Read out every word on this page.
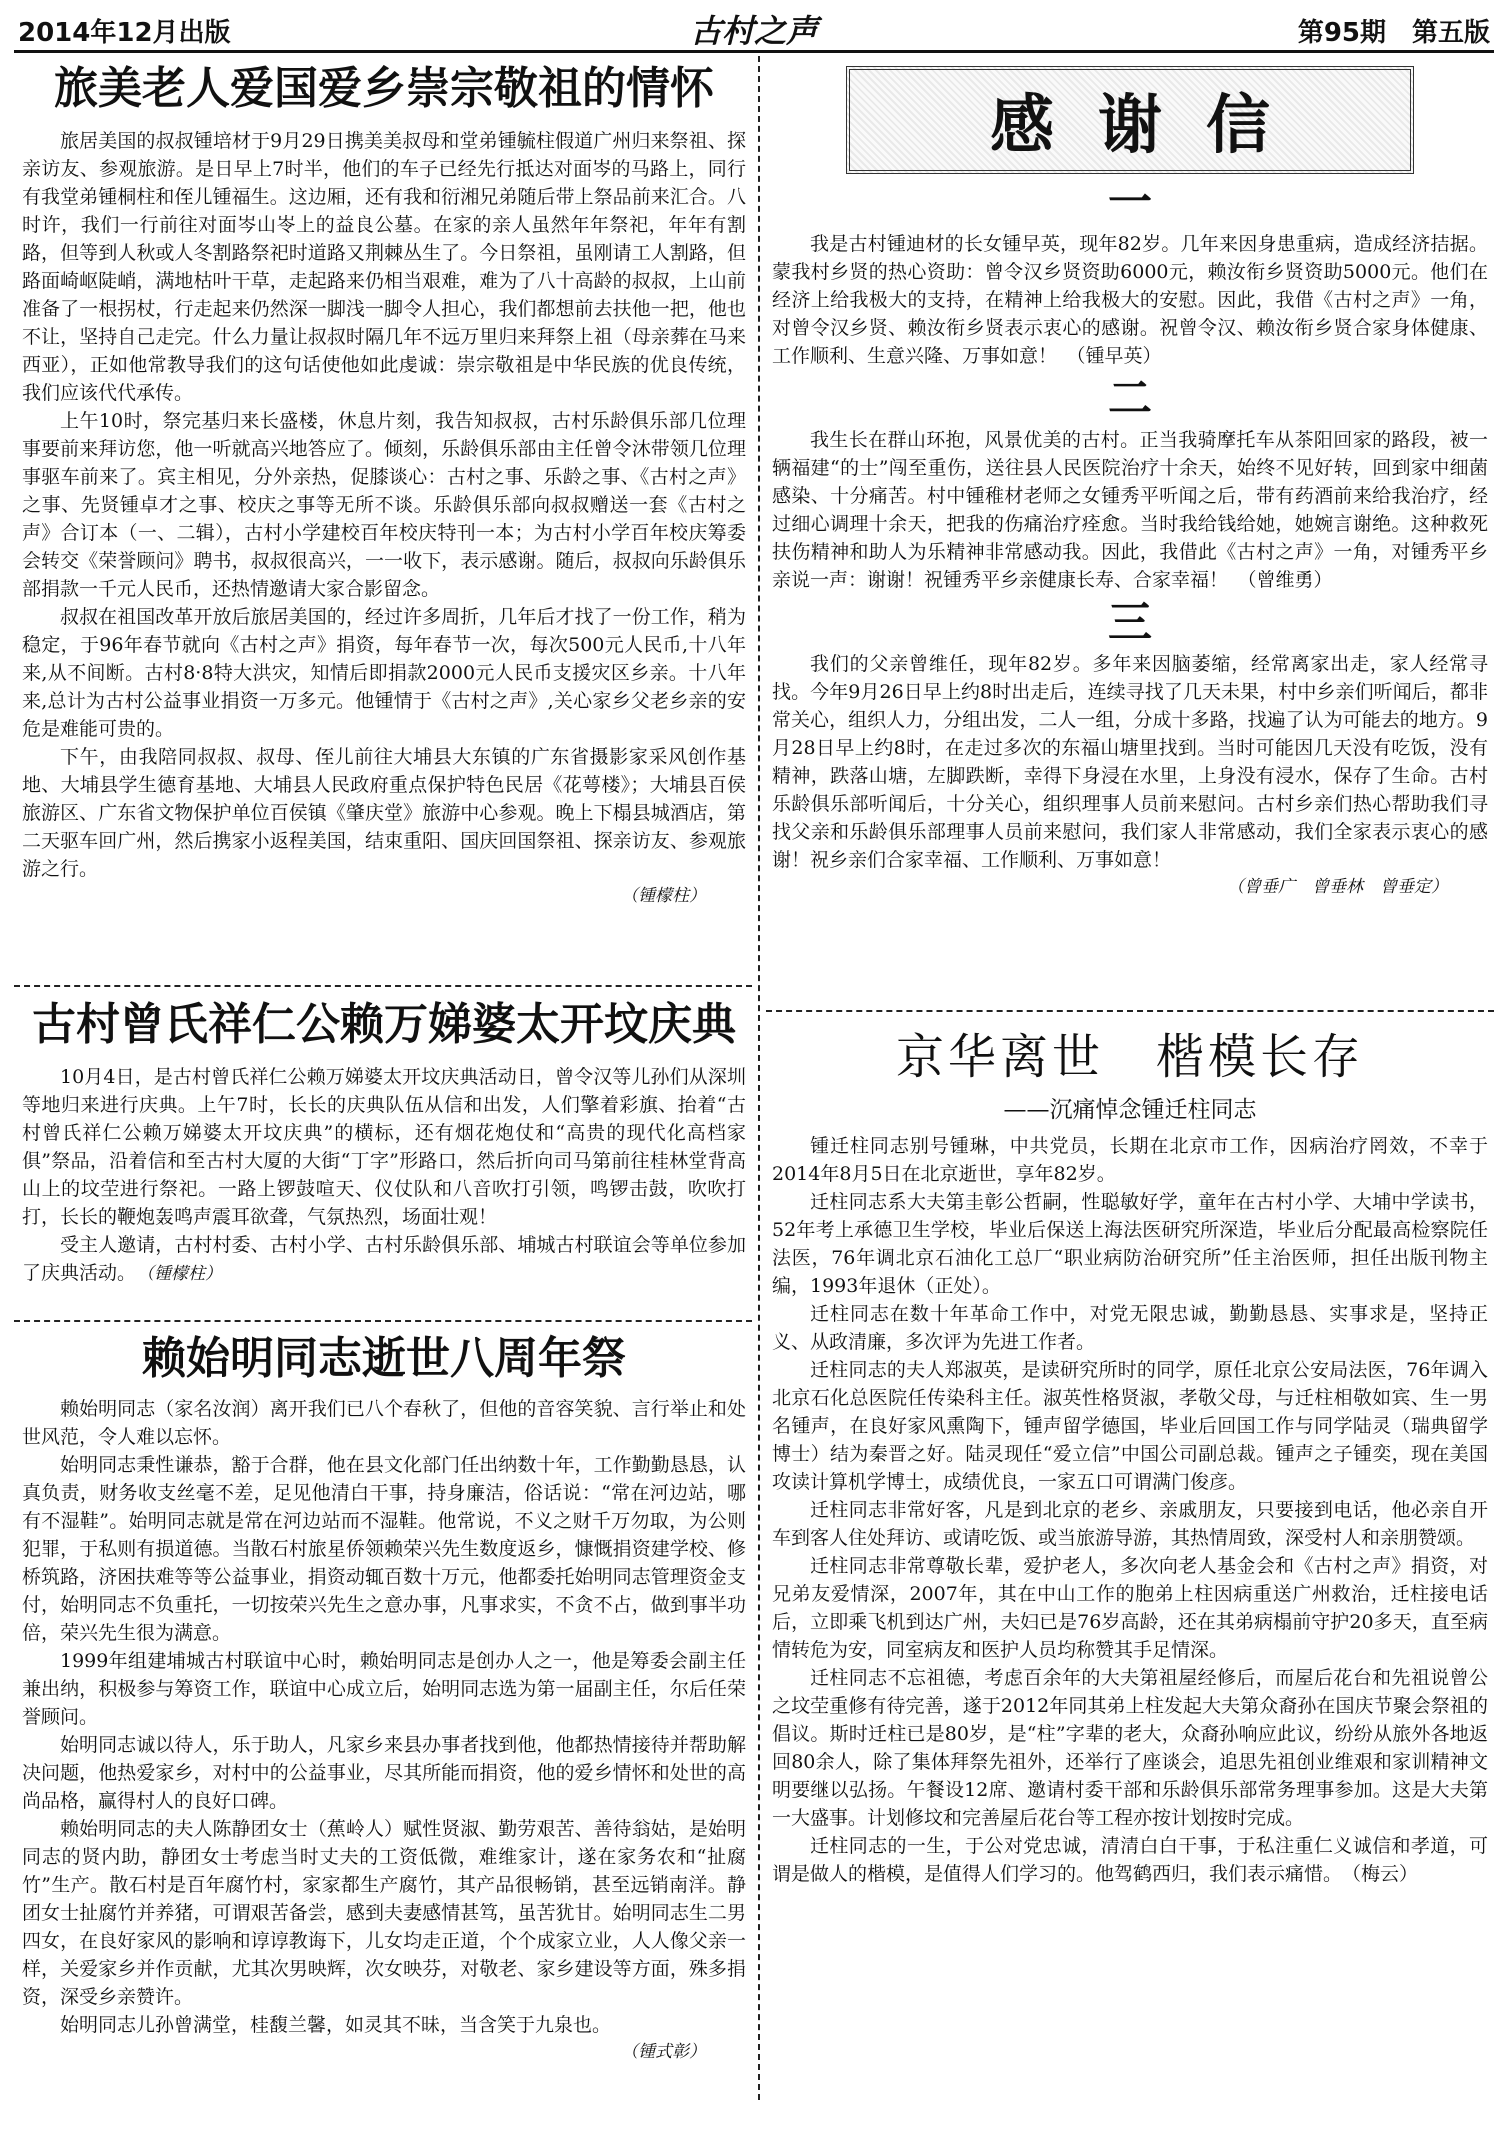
2014年12月出版	古村之声	第95期　第五版
旅美老人爱国爱乡崇宗敬祖的情怀

旅居美国的叔叔锺培材于9月29日携美美叔母和堂弟锺毓柱假道广州归来祭祖、探亲访友、参观旅游。是日早上7时半，他们的车子已经先行抵达对面岑的马路上，同行有我堂弟锺桐柱和侄儿锺福生。这边厢，还有我和衍湘兄弟随后带上祭品前来汇合。八时许，我们一行前往对面岑山岺上的益良公墓。在家的亲人虽然年年祭祀，年年有割路，但等到人秋或人冬割路祭祀时道路又荆棘丛生了。今日祭祖，虽刚请工人割路，但路面崎岖陡峭，满地枯叶干草，走起路来仍相当艰难，难为了八十高龄的叔叔，上山前准备了一根拐杖，行走起来仍然深一脚浅一脚令人担心，我们都想前去扶他一把，他也不让，坚持自己走完。什么力量让叔叔时隔几年不远万里归来拜祭上祖（母亲葬在马来西亚），正如他常教导我们的这句话使他如此虔诚：崇宗敬祖是中华民族的优良传统，我们应该代代承传。

上午10时，祭完基归来长盛楼，休息片刻，我告知叔叔，古村乐龄俱乐部几位理事要前来拜访您，他一听就高兴地答应了。倾刻，乐龄俱乐部由主任曾令沐带领几位理事驱车前来了。宾主相见，分外亲热，促膝谈心：古村之事、乐龄之事、《古村之声》之事、先贤锺卓才之事、校庆之事等无所不谈。乐龄俱乐部向叔叔赠送一套《古村之声》合订本（一、二辑），古村小学建校百年校庆特刊一本；为古村小学百年校庆筹委会转交《荣誉顾问》聘书，叔叔很高兴，一一收下，表示感谢。随后，叔叔向乐龄俱乐部捐款一千元人民币，还热情邀请大家合影留念。

叔叔在祖国改革开放后旅居美国的，经过许多周折，几年后才找了一份工作，稍为稳定，于96年春节就向《古村之声》捐资，每年春节一次，每次500元人民币,十八年来,从不间断。古村8·8特大洪灾，知情后即捐款2000元人民币支援灾区乡亲。十八年来,总计为古村公益事业捐资一万多元。他锺情于《古村之声》,关心家乡父老乡亲的安危是难能可贵的。

下午，由我陪同叔叔、叔母、侄儿前往大埔县大东镇的广东省摄影家采风创作基地、大埔县学生德育基地、大埔县人民政府重点保护特色民居《花萼楼》；大埔县百侯旅游区、广东省文物保护单位百侯镇《肇庆堂》旅游中心参观。晚上下榻县城酒店，第二天驱车回广州，然后携家小返程美国，结束重阳、国庆回国祭祖、探亲访友、参观旅游之行。

（锺檬柱）
古村曾氏祥仁公赖万娣婆太开坟庆典

10月4日，是古村曾氏祥仁公赖万娣婆太开坟庆典活动日，曾令汉等儿孙们从深圳等地归来进行庆典。上午7时，长长的庆典队伍从信和出发，人们擎着彩旗、抬着“古村曾氏祥仁公赖万娣婆太开坟庆典”的横标，还有烟花炮仗和“高贵的现代化高档家俱”祭品，沿着信和至古村大厦的大街“丁字”形路口，然后折向司马第前往桂林堂背高山上的坟茔进行祭祀。一路上锣鼓喧天、仪仗队和八音吹打引领，鸣锣击鼓，吹吹打打，长长的鞭炮轰鸣声震耳欲聋，气氛热烈，场面壮观！

受主人邀请，古村村委、古村小学、古村乐龄俱乐部、埔城古村联谊会等单位参加了庆典活动。　 （锺檬柱）

赖始明同志逝世八周年祭

赖始明同志（家名汝润）离开我们已八个春秋了，但他的音容笑貌、言行举止和处世风范，令人难以忘怀。

始明同志秉性谦恭，豁于合群，他在县文化部门任出纳数十年，工作勤勤恳恳，认真负责，财务收支丝毫不差，足见他清白干事，持身廉洁，俗话说：“常在河边站，哪有不湿鞋”。始明同志就是常在河边站而不湿鞋。他常说，不义之财千万勿取，为公则犯罪，于私则有损道德。当散石村旅星侨领赖荣兴先生数度返乡，慷慨捐资建学校、修桥筑路，济困扶难等等公益事业，捐资动辄百数十万元，他都委托始明同志管理资金支付，始明同志不负重托，一切按荣兴先生之意办事，凡事求实，不贪不占，做到事半功倍，荣兴先生很为满意。

1999年组建埔城古村联谊中心时，赖始明同志是创办人之一，他是筹委会副主任兼出纳，积极参与筹资工作，联谊中心成立后，始明同志选为第一届副主任，尔后任荣誉顾问。

始明同志诚以待人，乐于助人，凡家乡来县办事者找到他，他都热情接待并帮助解决问题，他热爱家乡，对村中的公益事业，尽其所能而捐资，他的爱乡情怀和处世的高尚品格，赢得村人的良好口碑。

赖始明同志的夫人陈静团女士（蕉岭人）赋性贤淑、勤劳艰苦、善待翁姑，是始明同志的贤内助，静团女士考虑当时丈夫的工资低微，难维家计，遂在家务农和“扯腐竹”生产。散石村是百年腐竹村，家家都生产腐竹，其产品很畅销，甚至远销南洋。静团女士扯腐竹并养猪，可谓艰苦备尝，感到夫妻感情甚笃，虽苦犹甘。始明同志生二男四女，在良好家风的影响和谆谆教诲下，儿女均走正道，个个成家立业，人人像父亲一样，关爱家乡并作贡献，尤其次男映辉，次女映芬，对敬老、家乡建设等方面，殊多捐资，深受乡亲赞许。

始明同志儿孙曾满堂，桂馥兰馨，如灵其不昧，当含笑于九泉也。

（锺式彰）
感谢信
一

我是古村锺迪材的长女锺早英，现年82岁。几年来因身患重病，造成经济拮据。蒙我村乡贤的热心资助：曾令汉乡贤资助6000元，赖汝衔乡贤资助5000元。他们在经济上给我极大的支持，在精神上给我极大的安慰。因此，我借《古村之声》一角，对曾令汉乡贤、赖汝衔乡贤表示衷心的感谢。祝曾令汉、赖汝衔乡贤合家身体健康、工作顺利、生意兴隆、万事如意！　（锺早英）

二

我生长在群山环抱，风景优美的古村。正当我骑摩托车从茶阳回家的路段，被一辆福建“的士”闯至重伤，送往县人民医院治疗十余天，始终不见好转，回到家中细菌感染、十分痛苦。村中锺稚材老师之女锺秀平听闻之后，带有药酒前来给我治疗，经过细心调理十余天，把我的伤痛治疗痊愈。当时我给钱给她，她婉言谢绝。这种救死扶伤精神和助人为乐精神非常感动我。因此，我借此《古村之声》一角，对锺秀平乡亲说一声：谢谢！祝锺秀平乡亲健康长寿、合家幸福！　（曾维勇）

三

我们的父亲曾维任，现年82岁。多年来因脑萎缩，经常离家出走，家人经常寻找。今年9月26日早上约8时出走后，连续寻找了几天未果，村中乡亲们听闻后，都非常关心，组织人力，分组出发，二人一组，分成十多路，找遍了认为可能去的地方。9月28日早上约8时，在走过多次的东福山塘里找到。当时可能因几天没有吃饭，没有精神，跌落山塘，左脚跌断，幸得下身浸在水里，上身没有浸水，保存了生命。古村乐龄俱乐部听闻后，十分关心，组织理事人员前来慰问。古村乡亲们热心帮助我们寻找父亲和乐龄俱乐部理事人员前来慰问，我们家人非常感动，我们全家表示衷心的感谢！祝乡亲们合家幸福、工作顺利、万事如意！

（曾垂广　曾垂林　曾垂定）
京华离世　楷模长存
——沉痛悼念锺迁柱同志

锺迁柱同志别号锺琳，中共党员，长期在北京市工作，因病治疗罔效，不幸于2014年8月5日在北京逝世，享年82岁。

迁柱同志系大夫第圭彰公哲嗣，性聪敏好学，童年在古村小学、大埔中学读书，52年考上承德卫生学校，毕业后保送上海法医研究所深造，毕业后分配最高检察院任法医，76年调北京石油化工总厂“职业病防治研究所”任主治医师，担任出版刊物主编，1993年退休（正处）。

迁柱同志在数十年革命工作中，对党无限忠诚，勤勤恳恳、实事求是，坚持正义、从政清廉，多次评为先进工作者。

迁柱同志的夫人郑淑英，是读研究所时的同学，原任北京公安局法医，76年调入北京石化总医院任传染科主任。淑英性格贤淑，孝敬父母，与迁柱相敬如宾、生一男名锺声，在良好家风熏陶下，锺声留学德国，毕业后回国工作与同学陆灵（瑞典留学博士）结为秦晋之好。陆灵现任“爱立信”中国公司副总裁。锺声之子锺奕，现在美国攻读计算机学博士，成绩优良，一家五口可谓满门俊彦。

迁柱同志非常好客，凡是到北京的老乡、亲戚朋友，只要接到电话，他必亲自开车到客人住处拜访、或请吃饭、或当旅游导游，其热情周致，深受村人和亲朋赞颂。

迁柱同志非常尊敬长辈，爱护老人，多次向老人基金会和《古村之声》捐资，对兄弟友爱情深，2007年，其在中山工作的胞弟上柱因病重送广州救治，迁柱接电话后，立即乘飞机到达广州，夫妇已是76岁高龄，还在其弟病榻前守护20多天，直至病情转危为安，同室病友和医护人员均称赞其手足情深。

迁柱同志不忘祖德，考虑百余年的大夫第祖屋经修后，而屋后花台和先祖说曾公之坟茔重修有待完善，遂于2012年同其弟上柱发起大夫第众裔孙在国庆节聚会祭祖的倡议。斯时迁柱已是80岁，是“柱”字辈的老大，众裔孙响应此议，纷纷从旅外各地返回80余人，除了集体拜祭先祖外，还举行了座谈会，追思先祖创业维艰和家训精神文明要继以弘扬。午餐设12席、邀请村委干部和乐龄俱乐部常务理事参加。这是大夫第一大盛事。计划修坟和完善屋后花台等工程亦按计划按时完成。

迁柱同志的一生，于公对党忠诚，清清白白干事，于私注重仁义诚信和孝道，可谓是做人的楷模，是值得人们学习的。他驾鹤西归，我们表示痛惜。　（梅云）
